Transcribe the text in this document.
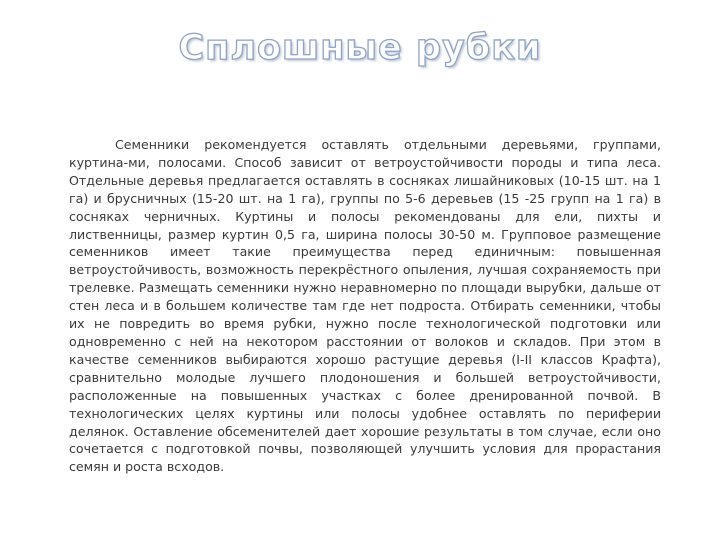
Сплошные рубки

Семенники рекомендуется оставлять отдельными деревьями, группами, куртина-ми, полосами. Способ зависит от ветроустойчивости породы и типа леса. Отдельные деревья предлагается оставлять в сосняках лишайниковых (10-15 шт. на 1 га) и брусничных (15-20 шт. на 1 га), группы по 5-6 деревьев (15 -25 групп на 1 га) в сосняках черничных. Куртины и полосы рекомендованы для ели, пихты и лиственницы, размер куртин 0,5 га, ширина полосы 30-50 м. Групповое размещение семенников имеет такие преимущества перед единичным: повышенная ветроустойчивость, возможность перекрёстного опыления, лучшая сохраняемость при трелевке. Размещать семенники нужно неравномерно по площади вырубки, дальше от стен леса и в большем количестве там где нет подроста. Отбирать семенники, чтобы их не повредить во время рубки, нужно после технологической подготовки или одновременно с ней на некотором расстоянии от волоков и складов. При этом в качестве семенников выбираются хорошо растущие деревья (I-II классов Крафта), сравнительно молодые лучшего плодоношения и большей ветроустойчивости, расположенные на повышенных участках с более дренированной почвой. В технологических целях куртины или полосы удобнее оставлять по периферии делянок. Оставление обсеменителей дает хорошие результаты в том случае, если оно сочетается с подготовкой почвы, позволяющей улучшить условия для прорастания семян и роста всходов.
